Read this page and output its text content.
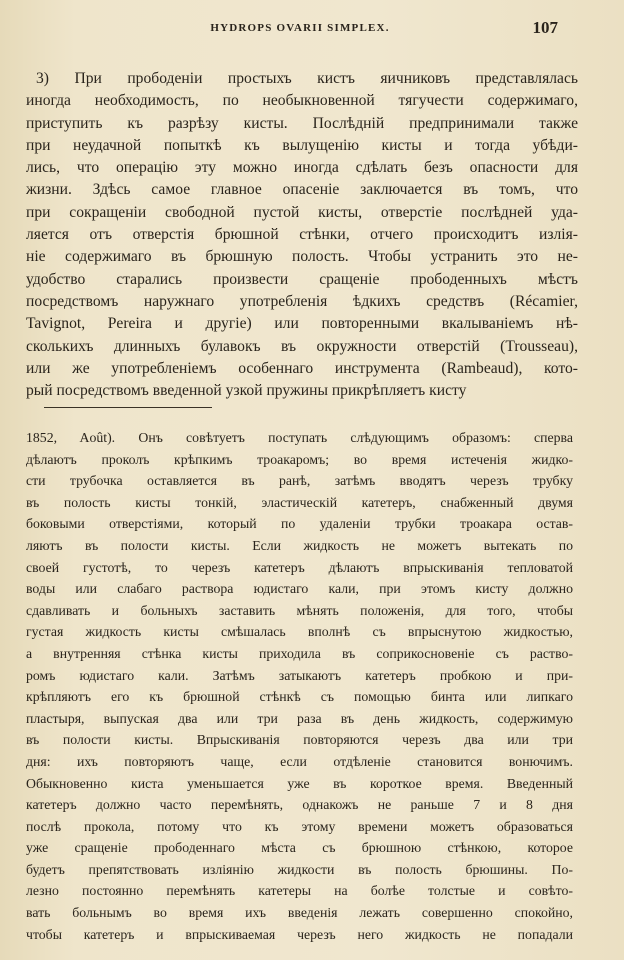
HYDROPS OVARII SIMPLEX.	107
3) При прободеніи простыхъ кистъ яичниковъ представлялась
иногда необходимость, по необыкновенной тягучести содержимаго,
приступить къ разрѣзу кисты. Послѣдній предпринимали также
при неудачной попыткѣ къ вылущенію кисты и тогда убѣди-
лись, что операцію эту можно иногда сдѣлать безъ опасности для
жизни. Здѣсь самое главное опасеніе заключается въ томъ, что
при сокращеніи свободной пустой кисты, отверстіе послѣдней уда-
ляется отъ отверстія брюшной стѣнки, отчего происходитъ излія-
ніе содержимаго въ брюшную полость. Чтобы устранить это не-
удобство старались произвести сращеніе прободенныхъ мѣстъ
посредствомъ наружнаго употребленія ѣдкихъ средствъ (Récamier,
Tavignot, Pereira и другіе) или повторенными вкалываніемъ нѣ-
сколькихъ длинныхъ булавокъ въ окружности отверстій (Trousseau),
или же употребленіемъ особеннаго инструмента (Rambeaud), кото-
рый посредствомъ введенной узкой пружины прикрѣпляетъ кисту
1852, Août). Онъ совѣтуетъ поступать слѣдующимъ образомъ: сперва
дѣлаютъ проколъ крѣпкимъ троакаромъ; во время истеченія жидко-
сти трубочка оставляется въ ранѣ, затѣмъ вводятъ черезъ трубку
въ полость кисты тонкій, эластическій катетеръ, снабженный двумя
боковыми отверстіями, который по удаленіи трубки троакара остав-
ляютъ въ полости кисты. Если жидкость не можетъ вытекать по
своей густотѣ, то черезъ катетеръ дѣлаютъ впрыскиванія тепловатой
воды или слабаго раствора юдистаго кали, при этомъ кисту должно
сдавливать и больныхъ заставить мѣнять положенія, для того, чтобы
густая жидкость кисты смѣшалась вполнѣ съ впрыснутою жидкостью,
а внутренняя стѣнка кисты приходила въ соприкосновеніе съ раство-
ромъ юдистаго кали. Затѣмъ затыкаютъ катетеръ пробкою и при-
крѣпляютъ его къ брюшной стѣнкѣ съ помощью бинта или липкаго
пластыря, выпуская два или три раза въ день жидкость, содержимую
въ полости кисты. Впрыскиванія повторяются черезъ два или три
дня: ихъ повторяютъ чаще, если отдѣленіе становится вонючимъ.
Обыкновенно киста уменьшается уже въ короткое время. Введенный
катетеръ должно часто перемѣнять, однакожъ не раньше 7 и 8 дня
послѣ прокола, потому что къ этому времени можетъ образоваться
уже сращеніе прободеннаго мѣста съ брюшною стѣнкою, которое
будетъ препятствовать излiянію жидкости въ полость брюшины. По-
лезно постоянно перемѣнять катетеры на болѣе толстые и совѣто-
вать больнымъ во время ихъ введенія лежать совершенно спокойно,
чтобы катетеръ и впрыскиваемая черезъ него жидкость не попадали
